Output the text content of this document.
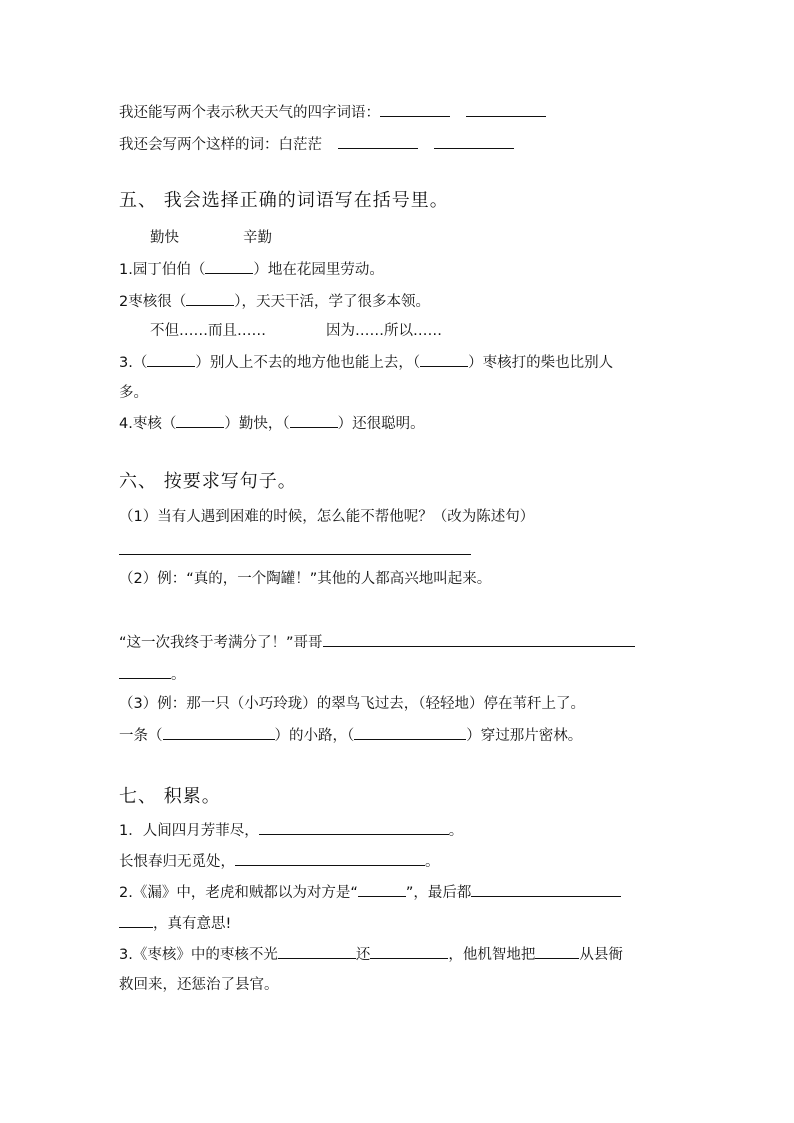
我还能写两个表示秋天天气的四字词语：
我还会写两个这样的词：白茫茫
五、 我会选择正确的词语写在括号里。
勤快	辛勤
1.园丁伯伯（	）地在花园里劳动。
2枣核很（	），天天干活，学了很多本领。
不但……而且……	因为……所以……
3.（	）别人上不去的地方他也能上去，（	）枣核打的柴也比别人
多。
4.枣核（	）勤快，（	）还很聪明。
六、 按要求写句子。
（1）当有人遇到困难的时候，怎么能不帮他呢？（改为陈述句）
（2）例：“真的，一个陶罐！”其他的人都高兴地叫起来。
“这一次我终于考满分了！”哥哥
。
（3）例：那一只（小巧玲珑）的翠鸟飞过去，（轻轻地）停在苇秆上了。
一条（	）的小路，（	）穿过那片密林。
七、 积累。
1．人间四月芳菲尽，	。
长恨春归无觅处，	。
2.《漏》中，老虎和贼都以为对方是“	”，最后都
，真有意思!
3.《枣核》中的枣核不光	还	，他机智地把	从县衙
救回来，还惩治了县官。
